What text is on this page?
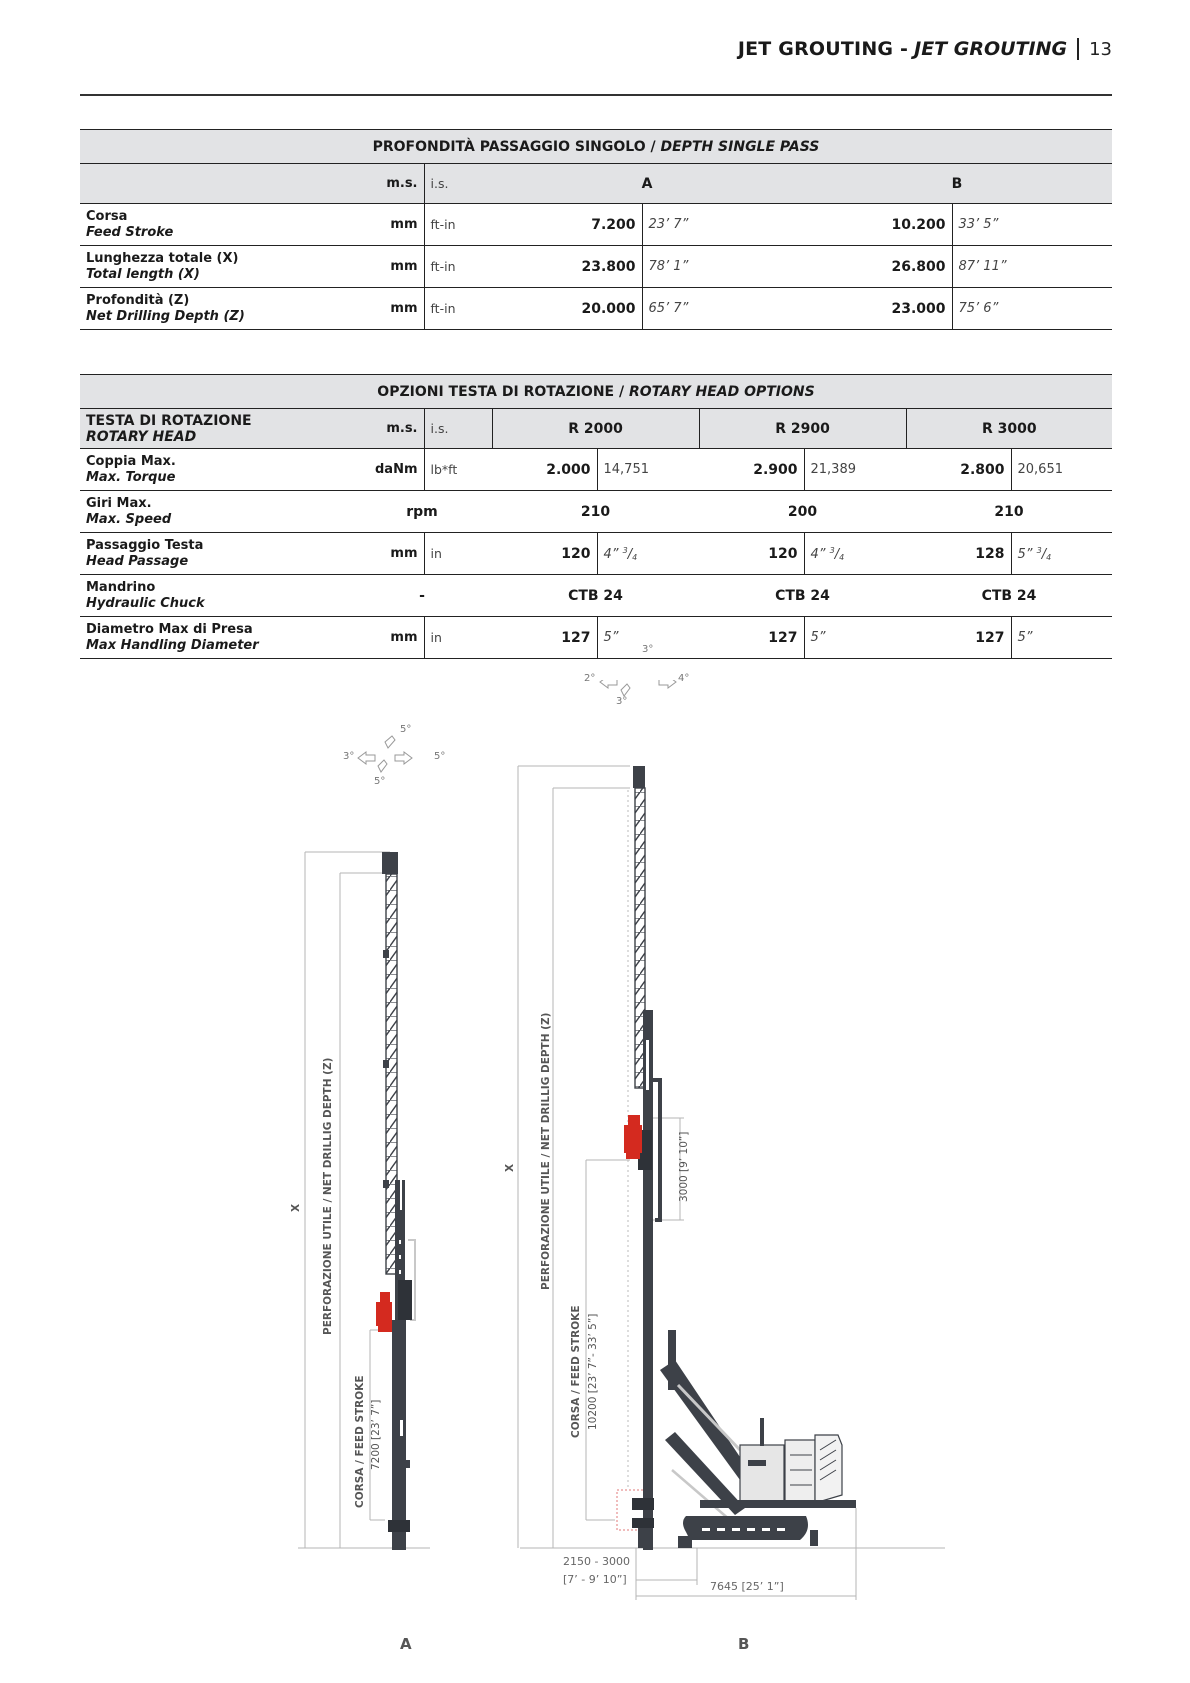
JET GROUTING - JET GROUTING 13
PROFONDITÀ PASSAGGIO SINGOLO / DEPTH SINGLE PASS						
	m.s.	i.s.	A		B	

Corsa
Feed Stroke	mm	ft-in	7.200	23’ 7”	10.200	33’ 5”

Lunghezza totale (X)
Total length (X)	mm	ft-in	23.800	78’ 1”	26.800	87’ 11”

Profondità (Z)
Net Drilling Depth (Z)	mm	ft-in	20.000	65’ 7”	23.000	75’ 6”
OPZIONI TESTA DI ROTAZIONE / ROTARY HEAD OPTIONS								

TESTA DI ROTAZIONE
ROTARY HEAD	m.s.	i.s.	R 2000		R 2900		R 3000	

Coppia Max.
Max. Torque	daNm	lb*ft	2.000	14,751	2.900	21,389	2.800	20,651

Giri Max.
Max. Speed	rpm		210		200		210	

Passaggio Testa
Head Passage	mm	in	120	4” $^3/_4$	120	4” $^3/_4$	128	5” $^3/_4$

Mandrino
Hydraulic Chuck	-		CTB 24		CTB 24		CTB 24	

Diametro Max di Presa
Max Handling Diameter	mm	in	127	5”	127	5”	127	5”
5°
3°	5°
5°
3°
2°	4°
3°
X PERFORAZIONE UTILE / NET DRILLIG DEPTH (Z)
CORSA / FEED STROKE 7200 [23’ 7”]
X PERFORAZIONE UTILE / NET DRILLIG DEPTH (Z)
CORSA / FEED STROKE 10200 [23’ 7”- 33’ 5”]
3000 [9’ 10”]
2150 - 3000
[7’ - 9’ 10”]
7645 [25’ 1”]
A	B
